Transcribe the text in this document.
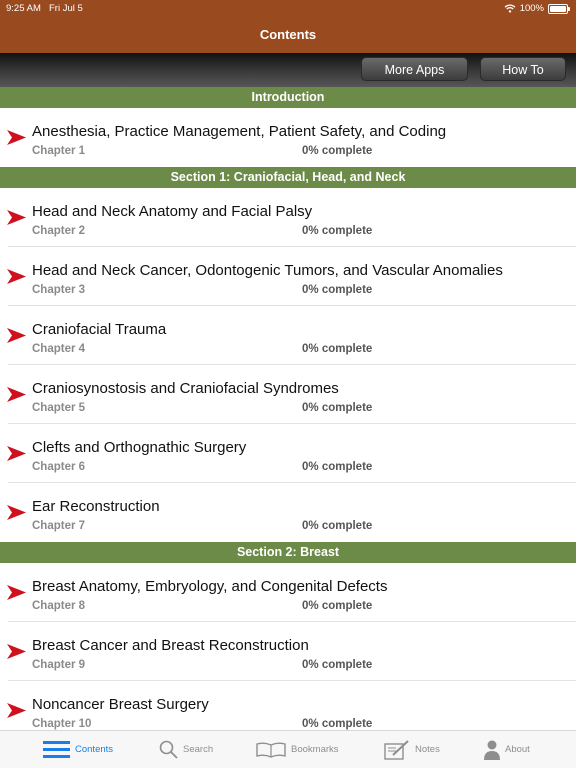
9:25 AM Fri Jul 5	100%
Contents
More Apps	How To
Introduction
Anesthesia, Practice Management, Patient Safety, and Coding
Chapter 1	0% complete
Section 1: Craniofacial, Head, and Neck
Head and Neck Anatomy and Facial Palsy
Chapter 2	0% complete
Head and Neck Cancer, Odontogenic Tumors, and Vascular Anomalies
Chapter 3	0% complete
Craniofacial Trauma
Chapter 4	0% complete
Craniosynostosis and Craniofacial Syndromes
Chapter 5	0% complete
Clefts and Orthognathic Surgery
Chapter 6	0% complete
Ear Reconstruction
Chapter 7	0% complete
Section 2: Breast
Breast Anatomy, Embryology, and Congenital Defects
Chapter 8	0% complete
Breast Cancer and Breast Reconstruction
Chapter 9	0% complete
Noncancer Breast Surgery
Chapter 10	0% complete
Contents	Search	Bookmarks	Notes	About
